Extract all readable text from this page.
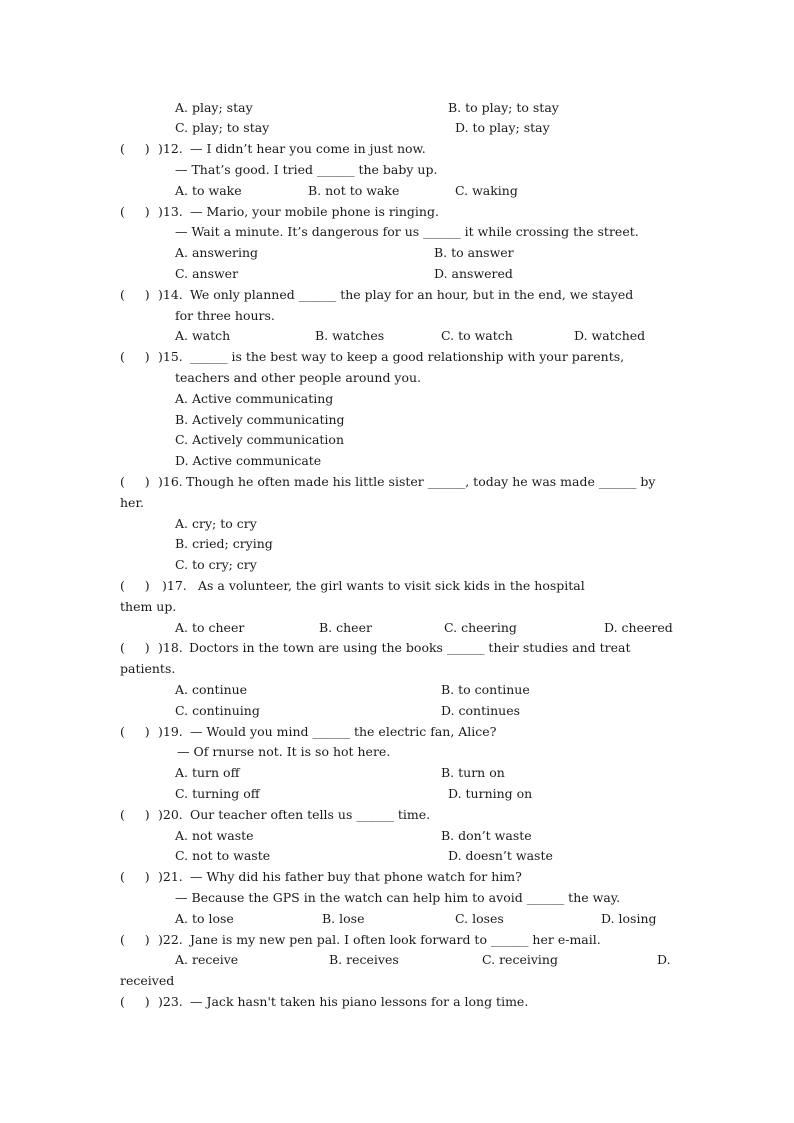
A. play; stay	B. to play; to stay
C. play; to stay	D. to play; stay
(     ) )12. — I didn’t hear you come in just now.
— That’s good. I tried ______ the baby up.
A. to wake	B. not to wake	C. waking
(     ) )13. — Mario, your mobile phone is ringing.
— Wait a minute. It’s dangerous for us ______ it while crossing the street.
A. answering	B. to answer
C. answer	D. answered
(     ) )14. We only planned ______ the play for an hour, but in the end, we stayed
for three hours.
A. watch	B. watches	C. to watch	D. watched
(     ) )15. ______ is the best way to keep a good relationship with your parents,
teachers and other people around you.
A. Active communicating
B. Actively communicating
C. Actively communication
D. Active communicate
(     ) )16. Though he often made his little sister ______, today he was made ______ by
her.
A. cry; to cry
B. cried; crying
C. to cry; cry
(     ) )17. As a volunteer, the girl wants to visit sick kids in the hospital
them up.
A. to cheer	B. cheer	C. cheering	D. cheered
(     ) )18. Doctors in the town are using the books ______ their studies and treat
patients.
A. continue	B. to continue
C. continuing	D. continues
(     ) )19. — Would you mind ______ the electric fan, Alice?
— Of rnurse not. It is so hot here.
A. turn off	B. turn on
C. turning off	D. turning on
(     ) )20. Our teacher often tells us ______ time.
A. not waste	B. don’t waste
C. not to waste	D. doesn’t waste
(     ) )21. — Why did his father buy that phone watch for him?
— Because the GPS in the watch can help him to avoid ______ the way.
A. to lose	B. lose	C. loses	D. losing
(     ) )22. Jane is my new pen pal. I often look forward to ______ her e-mail.
A. receive	B. receives	C. receiving	D.
received
(     ) )23. — Jack hasn't taken his piano lessons for a long time.
